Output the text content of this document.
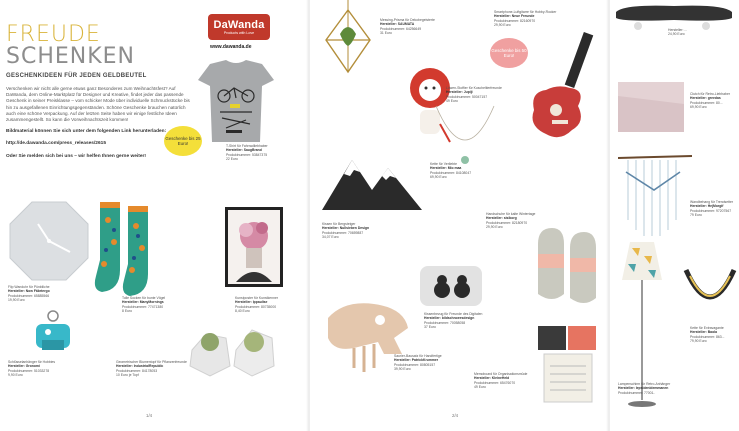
FREUDE
SCHENKEN
GESCHENKIDEEN FÜR JEDEN GELDBEUTEL

Verschenken wir nicht alle gerne etwas ganz Besonderes zum Weihnachtsfest? Auf DaWanda, dem Online-Marktplatz für Designer und Kreative, findet jeder das passende Geschenk in seiner Preisklasse – vom schicker Mode über individuelle Schmuckstücke bis hin zu ausgefallenen Einrichtungsgegenständen. Schöne Geschenke brauchen natürlich auch eine schöne Verpackung. Auf der letzten Seite haben wir einige festliche Ideen zusammengestellt. So kann die Vorweihnachtszeit kommen!

Bildmaterial können Sie sich unter dem folgenden Link herunterladen:

http://de.dawanda.com/press_releases/2615

Oder Sie melden sich bei uns – wir helfen Ihnen gerne weiter!

DaWanda
Products with Love
www.dawanda.de
Geschenke bis 25 Euro!	T-Shirt für Fahrradliebhaber
Hersteller: SaugBrand
Produktnummer: 53847375
22 Euro
Flip Wanduhr für Pünktliche
Hersteller: Now Fäbrtergo
Produktnummer: 65885566
19,90 Euro
Tolle Socken für bunte Vögel
Hersteller: ManyMornings
Produktnummer: 77471380
8 Euro
Kunstposter für Kunstkenner
Hersteller: Ippaulise
Produktnummer: 80735000
8,40 Euro
Schlüsselanhänger für Hobbies
Hersteller: Gronomi
Produktnummer: 51033278
9,90 Euro
Geometrischer Blumentopf für Pflanzenfreunde
Hersteller: IndustrialRepublic
Produktnummer: 84178053
10 Euro je Topf
1/4
Messing-Prisma für Dekobegeisterte
Hersteller: SAUMATA
Produktnummer: 64256649
31 Euro
Löwen-Stoffier für Kuscheltierfreunde
Hersteller: Jupiji
Produktnummer: 50047157
49 Euro
Geschenke bis 50 Euro!
Smartphone-Luftgitarre für Hobby-Rocker
Hersteller: Neue Freunde
Produktnummer: 82160970
29,90 Euro
Kette für Verliebte
Hersteller: Mio maa
Produktnummer: 84108047
69,90 Euro
Kissen für Bergsteiger
Hersteller: Nullsieben Design
Produktnummer: 70659887
34,07 Euro
Handschuhe für kalte Wintertage
Hersteller: sisikorg
Produktnummer: 82180970
29,90 Euro
Kissenbezug für Freunde des Digitalen
Hersteller: bildschnoeesdesign
Produktnummer: 70058058
37 Euro
Saurier-Bausatz für Handfertige
Hersteller: PatrickKrummer
Produktnummer: 80805157
39,90 Euro
Memoboard für Organisationsmüde
Hersteller: KleineHeld
Produktnummer: 65476070
49 Euro
2/4
Hersteller: ...
24,90 Euro
Clutch für Retro-Liebhaber
Hersteller: greedas
Produktnummer: 80...
69,90 Euro
Wandbehang für Trendsetter
Hersteller: HejMorgif
Produktnummer: 97207567
79 Euro
Lampenschirm für Retro-Anhänger
Hersteller: lepsidenidemmanen
Produktnummer: 77001..
Kette für Extravagante
Hersteller: Baola
Produktnummer: 863...
79,90 Euro
